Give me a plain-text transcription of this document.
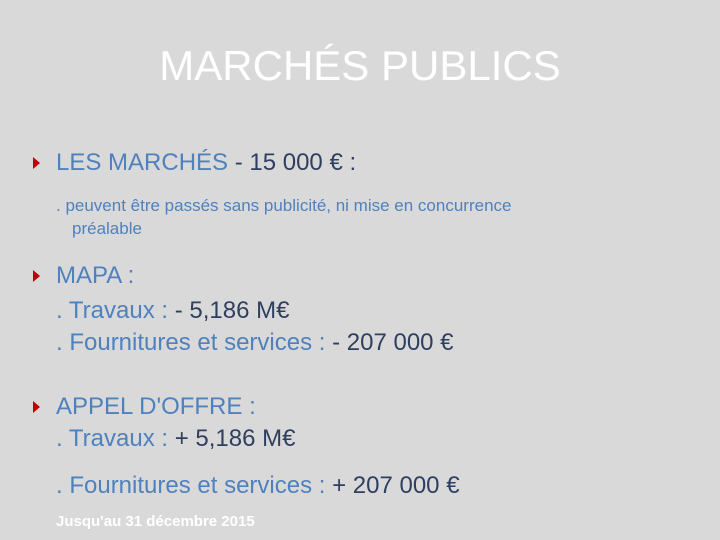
MARCHÉS PUBLICS
LES MARCHÉS - 15 000 € :
. peuvent être passés sans publicité, ni mise en concurrence
préalable
MAPA :
. Travaux : - 5,186 M€
. Fournitures et services : - 207 000 €
APPEL D'OFFRE :
. Travaux : + 5,186 M€
. Fournitures et services : + 207 000 €
Jusqu'au 31 décembre 2015
